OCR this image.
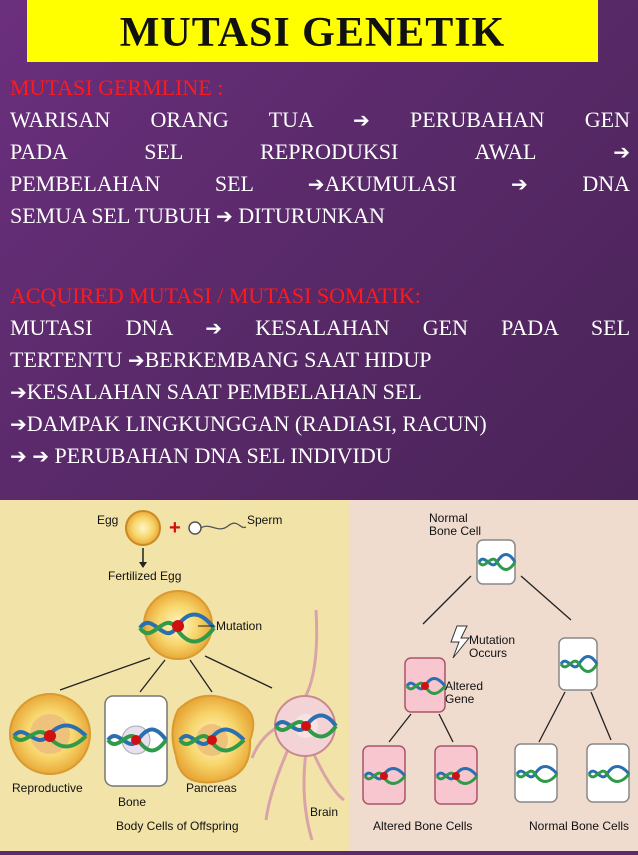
MUTASI GENETIK
MUTASI GERMLINE :
WARISAN ORANG TUA ➔ PERUBAHAN GEN
PADA SEL REPRODUKSI AWAL	➔
PEMBELAHAN SEL	➔AKUMULASI	➔ DNA
SEMUA SEL TUBUH ➔ DITURUNKAN
ACQUIRED MUTASI / MUTASI SOMATIK:
MUTASI DNA ➔ KESALAHAN GEN PADA SEL
TERTENTU ➔BERKEMBANG SAAT HIDUP
➔KESALAHAN SAAT PEMBELAHAN SEL
➔DAMPAK LINGKUNGGAN (RADIASI, RACUN)
➔ ➔ PERUBAHAN DNA SEL INDIVIDU
+
Egg	Sperm
Fertilized Egg
Mutation
Reproductive
Bone
Pancreas
Brain
Body Cells of Offspring
Normal
Bone Cell
Mutation
Occurs
Altered
Gene
Altered Bone Cells	Normal Bone Cells
